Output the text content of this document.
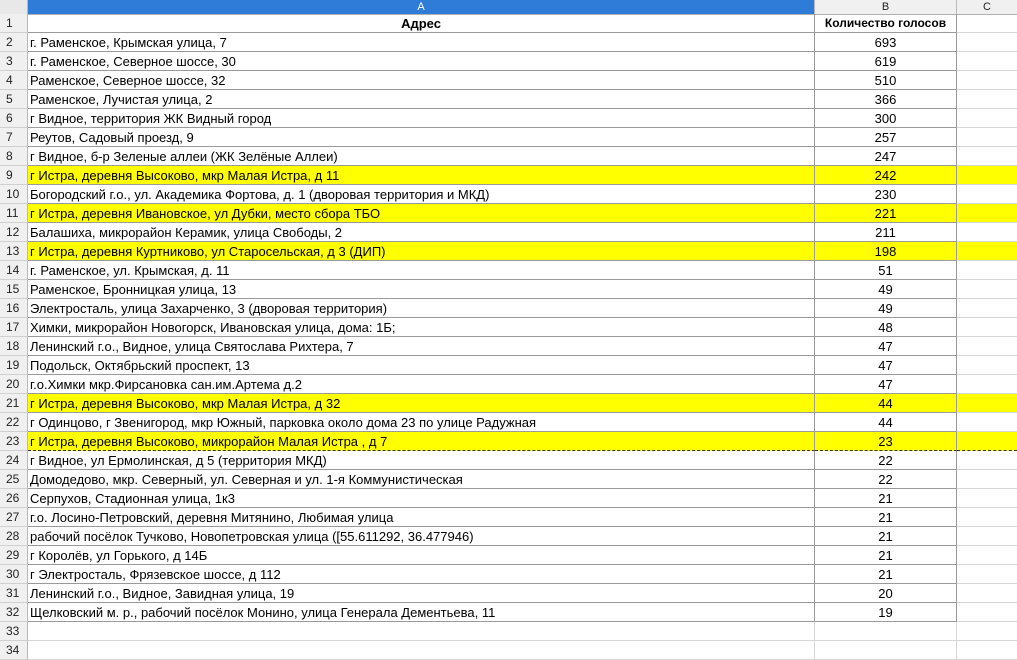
A	B	C
1	Адрес	Количество голосов
2	г. Раменское, Крымская улица, 7	693
3	г. Раменское, Северное шоссе, 30	619
4	Раменское, Северное шоссе, 32	510
5	Раменское, Лучистая улица, 2	366
6	г Видное, территория ЖК Видный город	300
7	Реутов, Садовый проезд, 9	257
8	г Видное, б-р Зеленые аллеи (ЖК Зелёные Аллеи)	247
9	г Истра, деревня Высоково, мкр Малая Истра, д 11	242
10 Богородский г.о., ул. Академика Фортова, д. 1 (дворовая территория и МКД)	230
11 г Истра, деревня Ивановское, ул Дубки, место сбора ТБО	221
12 Балашиха, микрорайон Керамик, улица Свободы, 2	211
13 г Истра, деревня Куртниково, ул Старосельская, д 3 (ДИП)	198
14 г. Раменское, ул. Крымская, д. 11	51
15 Раменское, Бронницкая улица, 13	49
16 Электросталь, улица Захарченко, 3 (дворовая территория)	49
17 Химки, микрорайон Новогорск, Ивановская улица, дома: 1Б;	48
18 Ленинский г.о., Видное, улица Святослава Рихтера, 7	47
19 Подольск, Октябрьский проспект, 13	47
20 г.о.Химки мкр.Фирсановка сан.им.Артема д.2	47
21 г Истра, деревня Высоково, мкр Малая Истра, д 32	44
22 г Одинцово, г Звенигород, мкр Южный, парковка около дома 23 по улице Радужная	44
23 г Истра, деревня Высоково, микрорайон Малая Истра , д 7	23
24 г Видное, ул Ермолинская, д 5 (территория МКД)	22
25 Домодедово, мкр. Северный, ул. Северная и ул. 1-я Коммунистическая	22
26 Серпухов, Стадионная улица, 1к3	21
27 г.о. Лосино-Петровский, деревня Митянино, Любимая улица	21
28 рабочий посёлок Тучково, Новопетровская улица ([55.611292, 36.477946)	21
29 г Королёв, ул Горького, д 14Б	21
30 г Электросталь, Фрязевское шоссе, д 112	21
31 Ленинский г.о., Видное, Завидная улица, 19	20
32 Щелковский м. р., рабочий посёлок Монино, улица Генерала Дементьева, 11	19
33
34
